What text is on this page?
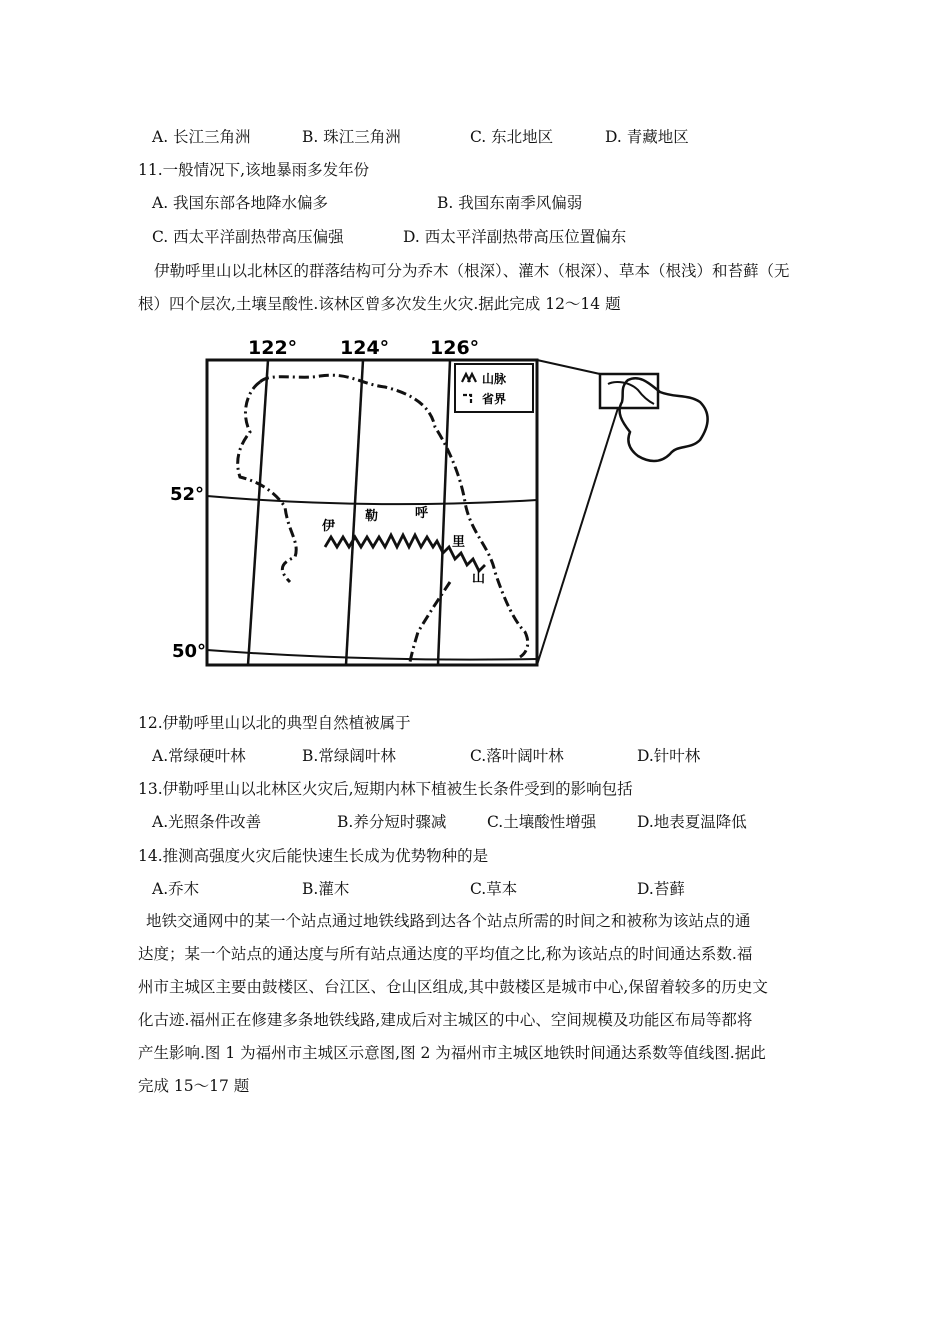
A. 长江三角洲	B. 珠江三角洲	C. 东北地区	D. 青藏地区
11.一般情况下,该地暴雨多发年份
A. 我国东部各地降水偏多	B. 我国东南季风偏弱
C. 西太平洋副热带高压偏强	D. 西太平洋副热带高压位置偏东
伊勒呼里山以北林区的群落结构可分为乔木（根深）、灌木（根深）、草本（根浅）和苔藓（无
根）四个层次,土壤呈酸性.该林区曾多次发生火灾.据此完成 12～14 题
122° 124° 126°
52°
50°
山脉
省界
伊
勒	呼
里
山
12.伊勒呼里山以北的典型自然植被属于
A.常绿硬叶林	B.常绿阔叶林	C.落叶阔叶林	D.针叶林
13.伊勒呼里山以北林区火灾后,短期内林下植被生长条件受到的影响包括
A.光照条件改善	B.养分短时骤减	C.土壤酸性增强	D.地表夏温降低
14.推测高强度火灾后能快速生长成为优势物种的是
A.乔木	B.灌木	C.草本	D.苔藓
地铁交通网中的某一个站点通过地铁线路到达各个站点所需的时间之和被称为该站点的通
达度；某一个站点的通达度与所有站点通达度的平均值之比,称为该站点的时间通达系数.福
州市主城区主要由鼓楼区、台江区、仓山区组成,其中鼓楼区是城市中心,保留着较多的历史文
化古迹.福州正在修建多条地铁线路,建成后对主城区的中心、空间规模及功能区布局等都将
产生影响.图 1 为福州市主城区示意图,图 2 为福州市主城区地铁时间通达系数等值线图.据此
完成 15～17 题
